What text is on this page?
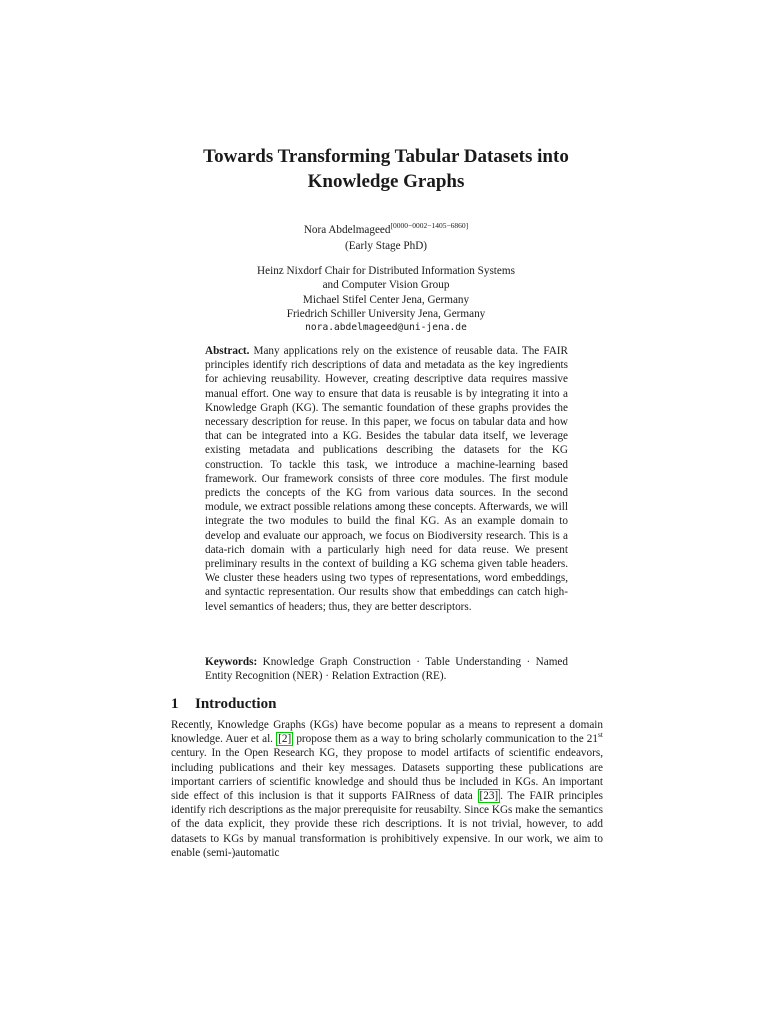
Towards Transforming Tabular Datasets into
Knowledge Graphs
Nora Abdelmageed[0000−0002−1405−6860]
(Early Stage PhD)
Heinz Nixdorf Chair for Distributed Information Systems
and Computer Vision Group
Michael Stifel Center Jena, Germany
Friedrich Schiller University Jena, Germany
nora.abdelmageed@uni-jena.de

Abstract. Many applications rely on the existence of reusable data. The FAIR principles identify rich descriptions of data and metadata as the key ingredients for achieving reusability. However, creating descriptive data requires massive manual effort. One way to ensure that data is reusable is by integrating it into a Knowledge Graph (KG). The semantic foundation of these graphs provides the necessary description for reuse. In this paper, we focus on tabular data and how that can be integrated into a KG. Besides the tabular data itself, we leverage existing metadata and publications describing the datasets for the KG construction. To tackle this task, we introduce a machine-learning based framework. Our framework consists of three core modules. The first module predicts the concepts of the KG from various data sources. In the second module, we extract possible relations among these concepts. Afterwards, we will integrate the two modules to build the final KG. As an example domain to develop and evaluate our approach, we focus on Biodiversity research. This is a data-rich domain with a particularly high need for data reuse. We present preliminary results in the context of building a KG schema given table headers. We cluster these headers using two types of representations, word embeddings, and syntactic representation. Our results show that embeddings can catch high-level semantics of headers; thus, they are better descriptors.

Keywords: Knowledge Graph Construction · Table Understanding · Named Entity Recognition (NER) · Relation Extraction (RE).

1 Introduction

Recently, Knowledge Graphs (KGs) have become popular as a means to represent a domain knowledge. Auer et al. [2] propose them as a way to bring scholarly communication to the 21st century. In the Open Research KG, they propose to model artifacts of scientific endeavors, including publications and their key messages. Datasets supporting these publications are important carriers of scientific knowledge and should thus be included in KGs. An important side effect of this inclusion is that it supports FAIRness of data [23] . The FAIR principles identify rich descriptions as the major prerequisite for reusabilty. Since KGs make the semantics of the data explicit, they provide these rich descriptions. It is not trivial, however, to add datasets to KGs by manual transformation is prohibitively expensive. In our work, we aim to enable (semi-)automatic
